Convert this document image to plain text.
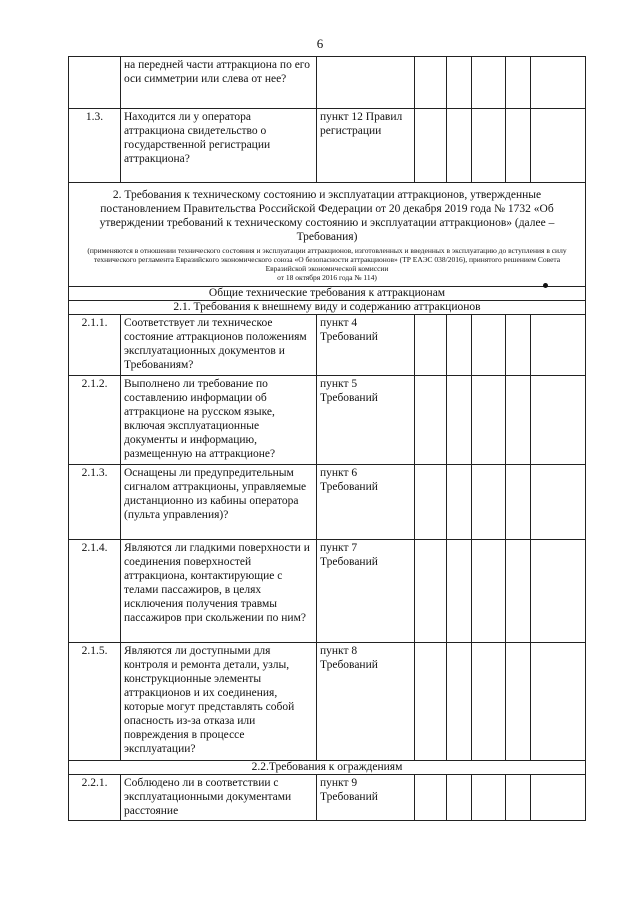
6
	на передней части аттракциона по его оси симметрии или слева от нее?						
1.3.	Находится ли у оператора аттракциона свидетельство о государственной регистрации аттракциона?	пункт 12 Правил регистрации					

2. Требования к техническому состоянию и эксплуатации аттракционов, утвержденные постановлением Правительства Российской Федерации от 20 декабря 2019 года № 1732 «Об утверждении требований к техническому состоянию и эксплуатации аттракционов» (далее – Требования)
(применяются в отношении технического состояния и эксплуатации аттракционов, изготовленных и введенных в эксплуатацию до вступления в силу технического регламента Евразийского экономического союза «О безопасности аттракционов» (ТР ЕАЭС 038/2016), принятого решением Совета Евразийской экономической комиссии
от 18 октября 2016 года № 114)							

Общие технические требования к аттракционам							
2.1. Требования к внешнему виду и содержанию аттракционов							
2.1.1.	Соответствует ли техническое состояние аттракционов положениям эксплуатационных документов и Требованиям?	пункт 4 Требований					
2.1.2.	Выполнено ли требование по составлению информации об аттракционе на русском языке, включая эксплуатационные документы и информацию, размещенную на аттракционе?	пункт 5 Требований					
2.1.3.	Оснащены ли предупредительным сигналом аттракционы, управляемые дистанционно из кабины оператора (пульта управления)?	пункт 6 Требований					
2.1.4.	Являются ли гладкими поверхности и соединения поверхностей аттракциона, контактирующие с телами пассажиров, в целях исключения получения травмы пассажиров при скольжении по ним?	пункт 7 Требований					
2.1.5.	Являются ли доступными для контроля и ремонта детали, узлы, конструкционные элементы аттракционов и их соединения, которые могут представлять собой опасность из-за отказа или повреждения в процессе эксплуатации?	пункт 8 Требований					
2.2.Требования к ограждениям							
2.2.1.	Соблюдено ли в соответствии с эксплуатационными документами расстояние	пункт 9 Требований					
